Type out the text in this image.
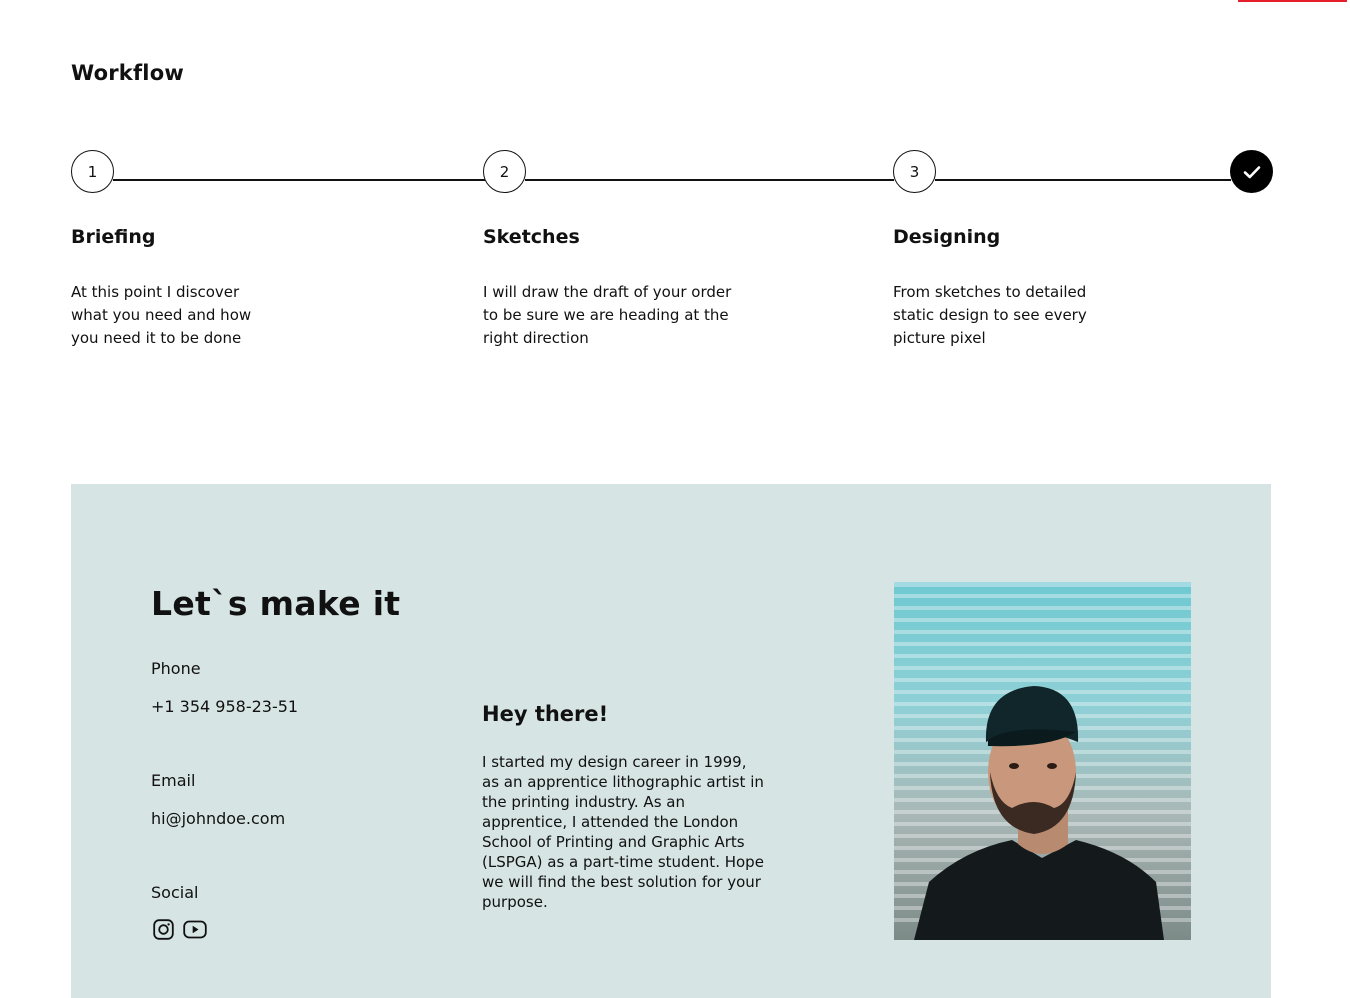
Workflow
1	2	3
Briefing

At this point I discover what you need and how you need it to be done

Sketches

I will draw the draft of your order to be sure we are heading at the right direction

Designing

From sketches to detailed static design to see every picture pixel

Let`s make it
Phone
+1 354 958-23-51
Email
hi@johndoe.com
Social
Hey there!

I started my design career in 1999, as an apprentice lithographic artist in the printing industry. As an apprentice, I attended the London School of Printing and Graphic Arts (LSPGA) as a part-time student. Hope we will find the best solution for your purpose.
